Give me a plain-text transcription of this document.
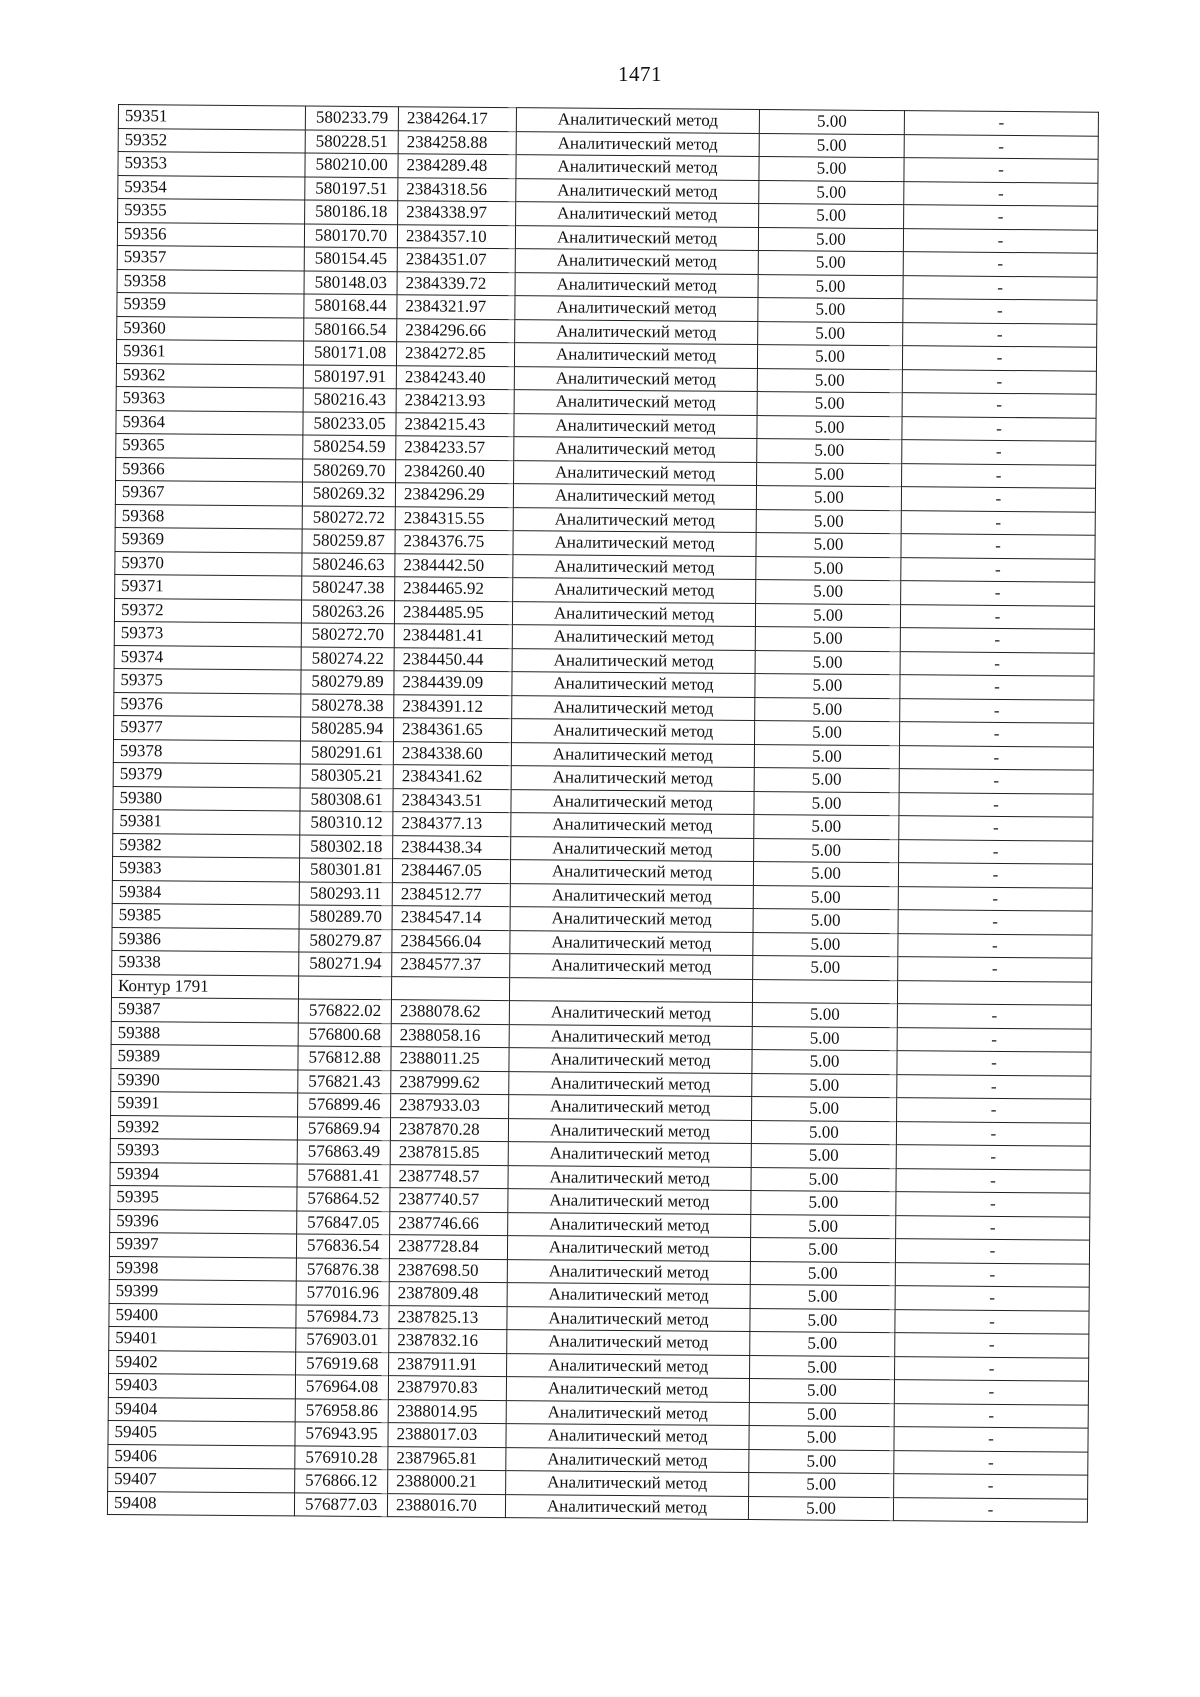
1471
59351	580233.79	2384264.17	Аналитический метод	5.00	-
59352	580228.51	2384258.88	Аналитический метод	5.00	-
59353	580210.00	2384289.48	Аналитический метод	5.00	-
59354	580197.51	2384318.56	Аналитический метод	5.00	-
59355	580186.18	2384338.97	Аналитический метод	5.00	-
59356	580170.70	2384357.10	Аналитический метод	5.00	-
59357	580154.45	2384351.07	Аналитический метод	5.00	-
59358	580148.03	2384339.72	Аналитический метод	5.00	-
59359	580168.44	2384321.97	Аналитический метод	5.00	-
59360	580166.54	2384296.66	Аналитический метод	5.00	-
59361	580171.08	2384272.85	Аналитический метод	5.00	-
59362	580197.91	2384243.40	Аналитический метод	5.00	-
59363	580216.43	2384213.93	Аналитический метод	5.00	-
59364	580233.05	2384215.43	Аналитический метод	5.00	-
59365	580254.59	2384233.57	Аналитический метод	5.00	-
59366	580269.70	2384260.40	Аналитический метод	5.00	-
59367	580269.32	2384296.29	Аналитический метод	5.00	-
59368	580272.72	2384315.55	Аналитический метод	5.00	-
59369	580259.87	2384376.75	Аналитический метод	5.00	-
59370	580246.63	2384442.50	Аналитический метод	5.00	-
59371	580247.38	2384465.92	Аналитический метод	5.00	-
59372	580263.26	2384485.95	Аналитический метод	5.00	-
59373	580272.70	2384481.41	Аналитический метод	5.00	-
59374	580274.22	2384450.44	Аналитический метод	5.00	-
59375	580279.89	2384439.09	Аналитический метод	5.00	-
59376	580278.38	2384391.12	Аналитический метод	5.00	-
59377	580285.94	2384361.65	Аналитический метод	5.00	-
59378	580291.61	2384338.60	Аналитический метод	5.00	-
59379	580305.21	2384341.62	Аналитический метод	5.00	-
59380	580308.61	2384343.51	Аналитический метод	5.00	-
59381	580310.12	2384377.13	Аналитический метод	5.00	-
59382	580302.18	2384438.34	Аналитический метод	5.00	-
59383	580301.81	2384467.05	Аналитический метод	5.00	-
59384	580293.11	2384512.77	Аналитический метод	5.00	-
59385	580289.70	2384547.14	Аналитический метод	5.00	-
59386	580279.87	2384566.04	Аналитический метод	5.00	-
59338	580271.94	2384577.37	Аналитический метод	5.00	-
Контур 1791					
59387	576822.02	2388078.62	Аналитический метод	5.00	-
59388	576800.68	2388058.16	Аналитический метод	5.00	-
59389	576812.88	2388011.25	Аналитический метод	5.00	-
59390	576821.43	2387999.62	Аналитический метод	5.00	-
59391	576899.46	2387933.03	Аналитический метод	5.00	-
59392	576869.94	2387870.28	Аналитический метод	5.00	-
59393	576863.49	2387815.85	Аналитический метод	5.00	-
59394	576881.41	2387748.57	Аналитический метод	5.00	-
59395	576864.52	2387740.57	Аналитический метод	5.00	-
59396	576847.05	2387746.66	Аналитический метод	5.00	-
59397	576836.54	2387728.84	Аналитический метод	5.00	-
59398	576876.38	2387698.50	Аналитический метод	5.00	-
59399	577016.96	2387809.48	Аналитический метод	5.00	-
59400	576984.73	2387825.13	Аналитический метод	5.00	-
59401	576903.01	2387832.16	Аналитический метод	5.00	-
59402	576919.68	2387911.91	Аналитический метод	5.00	-
59403	576964.08	2387970.83	Аналитический метод	5.00	-
59404	576958.86	2388014.95	Аналитический метод	5.00	-
59405	576943.95	2388017.03	Аналитический метод	5.00	-
59406	576910.28	2387965.81	Аналитический метод	5.00	-
59407	576866.12	2388000.21	Аналитический метод	5.00	-
59408	576877.03	2388016.70	Аналитический метод	5.00	-
